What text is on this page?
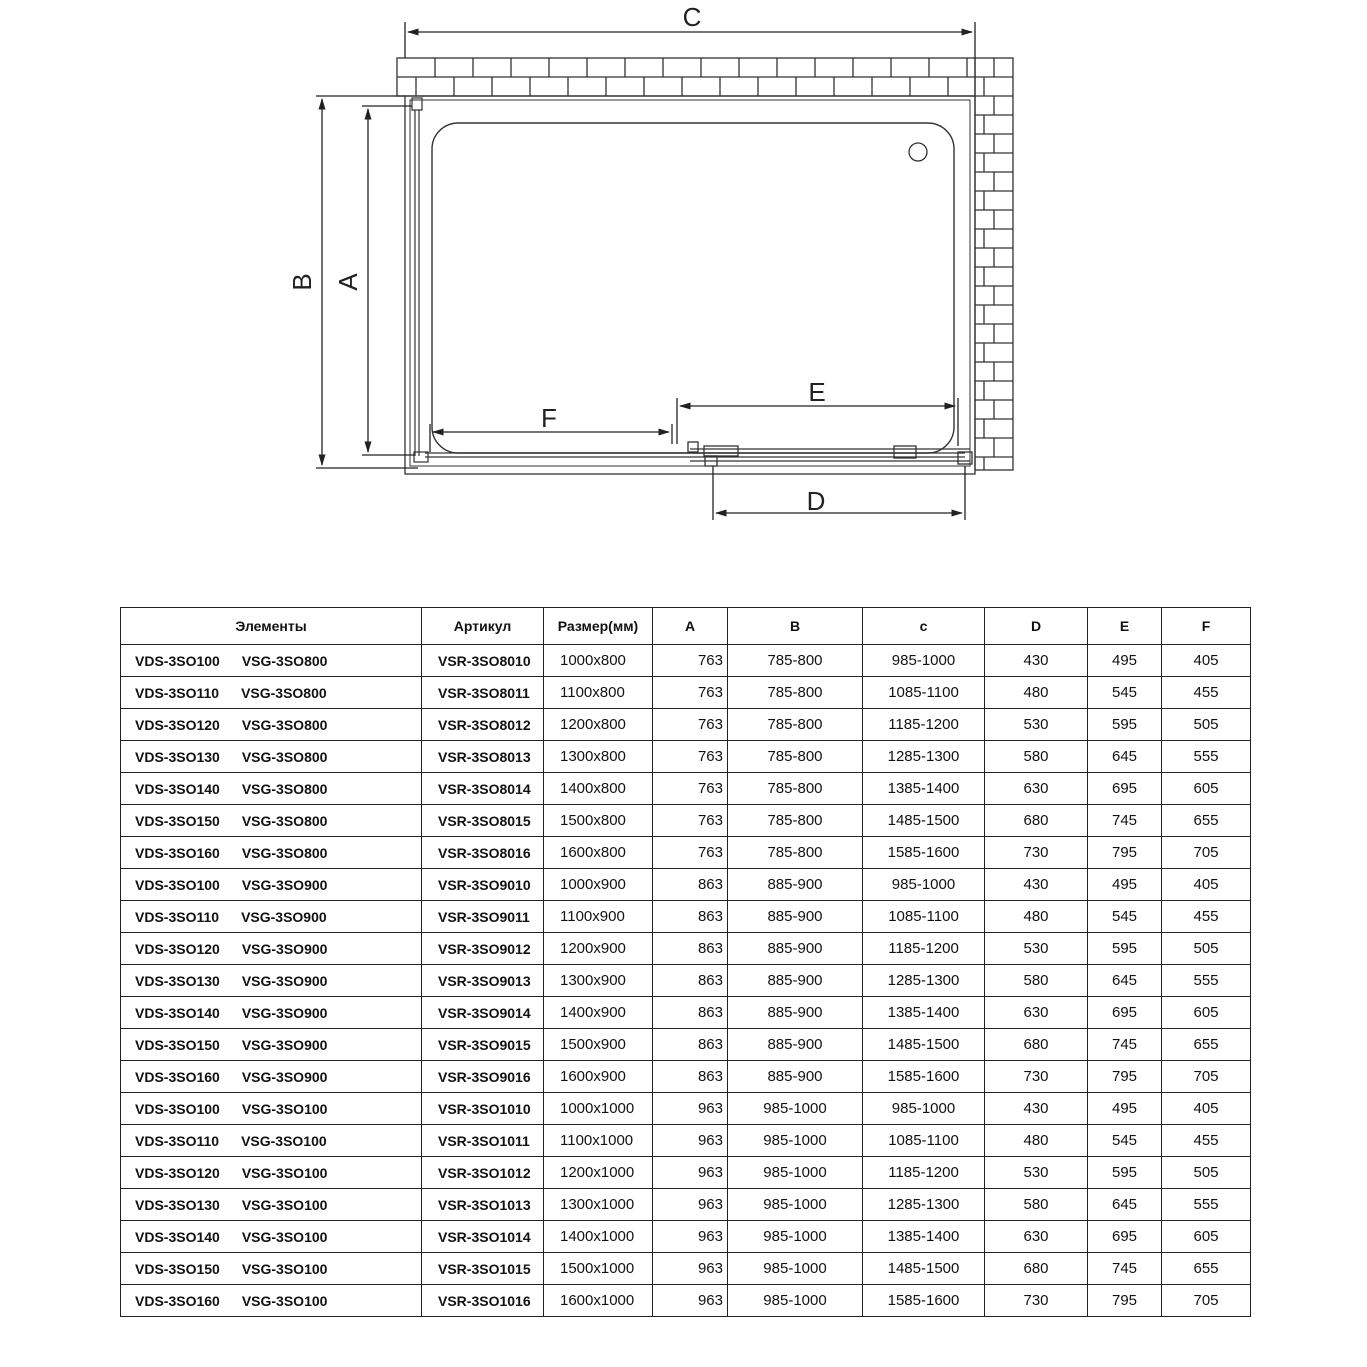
C
B A
F
E
D
Элементы	Артикул	Размер(мм)	A	B	c	D	E	F
VDS-3SO100 VSG-3SO800	VSR-3SO8010	1000x800	763	785-800	985-1000	430	495	405
VDS-3SO110 VSG-3SO800	VSR-3SO8011	1100x800	763	785-800	1085-1100	480	545	455
VDS-3SO120 VSG-3SO800	VSR-3SO8012	1200x800	763	785-800	1185-1200	530	595	505
VDS-3SO130 VSG-3SO800	VSR-3SO8013	1300x800	763	785-800	1285-1300	580	645	555
VDS-3SO140 VSG-3SO800	VSR-3SO8014	1400x800	763	785-800	1385-1400	630	695	605
VDS-3SO150 VSG-3SO800	VSR-3SO8015	1500x800	763	785-800	1485-1500	680	745	655
VDS-3SO160 VSG-3SO800	VSR-3SO8016	1600x800	763	785-800	1585-1600	730	795	705
VDS-3SO100 VSG-3SO900	VSR-3SO9010	1000x900	863	885-900	985-1000	430	495	405
VDS-3SO110 VSG-3SO900	VSR-3SO9011	1100x900	863	885-900	1085-1100	480	545	455
VDS-3SO120 VSG-3SO900	VSR-3SO9012	1200x900	863	885-900	1185-1200	530	595	505
VDS-3SO130 VSG-3SO900	VSR-3SO9013	1300x900	863	885-900	1285-1300	580	645	555
VDS-3SO140 VSG-3SO900	VSR-3SO9014	1400x900	863	885-900	1385-1400	630	695	605
VDS-3SO150 VSG-3SO900	VSR-3SO9015	1500x900	863	885-900	1485-1500	680	745	655
VDS-3SO160 VSG-3SO900	VSR-3SO9016	1600x900	863	885-900	1585-1600	730	795	705
VDS-3SO100 VSG-3SO100	VSR-3SO1010	1000x1000	963	985-1000	985-1000	430	495	405
VDS-3SO110 VSG-3SO100	VSR-3SO1011	1100x1000	963	985-1000	1085-1100	480	545	455
VDS-3SO120 VSG-3SO100	VSR-3SO1012	1200x1000	963	985-1000	1185-1200	530	595	505
VDS-3SO130 VSG-3SO100	VSR-3SO1013	1300x1000	963	985-1000	1285-1300	580	645	555
VDS-3SO140 VSG-3SO100	VSR-3SO1014	1400x1000	963	985-1000	1385-1400	630	695	605
VDS-3SO150 VSG-3SO100	VSR-3SO1015	1500x1000	963	985-1000	1485-1500	680	745	655
VDS-3SO160 VSG-3SO100	VSR-3SO1016	1600x1000	963	985-1000	1585-1600	730	795	705
